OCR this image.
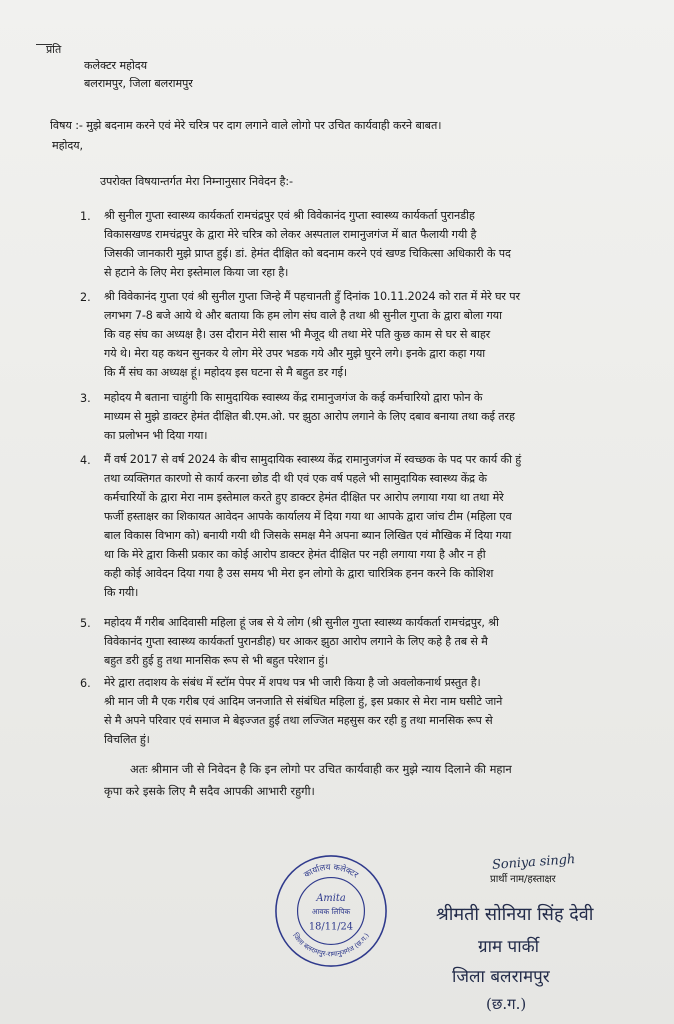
प्रति
कलेक्टर महोदय
बलरामपुर, जिला बलरामपुर
विषय :- मुझे बदनाम करने एवं मेरे चरित्र पर दाग लगाने वाले लोगो पर उचित कार्यवाही करने बाबत।
महोदय,
उपरोक्त विषयान्तर्गत मेरा निम्नानुसार निवेदन है:-
1. श्री सुनील गुप्ता स्वास्थ्य कार्यकर्ता रामचंद्रपुर एवं श्री विवेकानंद गुप्ता स्वास्थ्य कार्यकर्ता पुरानडीह
विकासखण्ड रामचंद्रपुर के द्वारा मेरे चरित्र को लेकर अस्पताल रामानुजगंज में बात फैलायी गयी है
जिसकी जानकारी मुझे प्राप्त हुई। डां. हेमंत दीक्षित को बदनाम करने एवं खण्ड चिकित्सा अधिकारी के पद
से हटाने के लिए मेरा इस्तेमाल किया जा रहा है।
2. श्री विवेकानंद गुप्ता एवं श्री सुनील गुप्ता जिन्हे मैं पहचानती हुँ दिनांक 10.11.2024 को रात में मेरे घर पर
लगभग 7-8 बजे आये थे और बताया कि हम लोग संघ वाले है तथा श्री सुनील गुप्ता के द्वारा बोला गया
कि वह संघ का अध्यक्ष है। उस दौरान मेरी सास भी मैजूद थी तथा मेरे पति कुछ काम से घर से बाहर
गये थे। मेरा यह कथन सुनकर ये लोग मेरे उपर भडक गये और मुझे घुरने लगे। इनके द्वारा कहा गया
कि मैं संघ का अध्यक्ष हूं। महोदय इस घटना से मै बहुत डर गई।
3. महोदय मै बताना चाहुंगी कि सामुदायिक स्वास्थ्य केंद्र रामानुजगंज के कई कर्मचारियो द्वारा फोन के
माध्यम से मुझे डाक्टर हेमंत दीक्षित बी.एम.ओ. पर झुठा आरोप लगाने के लिए दबाव बनाया तथा कई तरह
का प्रलोभन भी दिया गया।
4. मैं वर्ष 2017 से वर्ष 2024 के बीच सामुदायिक स्वास्थ्य केंद्र रामानुजगंज में स्वच्छक के पद पर कार्य की हुं
तथा व्यक्तिगत कारणो से कार्य करना छोड दी थी एवं एक वर्ष पहले भी सामुदायिक स्वास्थ्य केंद्र के
कर्मचारियों के द्वारा मेरा नाम इस्तेमाल करते हुए डाक्टर हेमंत दीक्षित पर आरोप लगाया गया था तथा मेरे
फर्जी हस्ताक्षर का शिकायत आवेदन आपके कार्यालय में दिया गया था आपके द्वारा जांच टीम (महिला एव
बाल विकास विभाग को) बनायी गयी थी जिसके समक्ष मैने अपना ब्यान लिखित एवं मौखिक में दिया गया
था कि मेरे द्वारा किसी प्रकार का कोई आरोप डाक्टर हेमंत दीक्षित पर नही लगाया गया है और न ही
कही कोई आवेदन दिया गया है उस समय भी मेरा इन लोगो के द्वारा चारित्रिक हनन करने कि कोशिश
कि गयी।
5. महोदय मैं गरीब आदिवासी महिला हूं जब से ये लोग (श्री सुनील गुप्ता स्वास्थ्य कार्यकर्ता रामचंद्रपुर, श्री
विवेकानंद गुप्ता स्वास्थ्य कार्यकर्ता पुरानडीह) घर आकर झुठा आरोप लगाने के लिए कहे है तब से मै
बहुत डरी हुई हु तथा मानसिक रूप से भी बहुत परेशान हुं।
6. मेरे द्वारा तदाशय के संबंध में स्टॉम पेपर में शपथ पत्र भी जारी किया है जो अवलोकनार्थ प्रस्तुत है।
श्री मान जी मै एक गरीब एवं आदिम जनजाति से संबंधित महिला हुं, इस प्रकार से मेरा नाम घसीटे जाने
से मै अपने परिवार एवं समाज मे बेइज्जत हुई तथा लज्जित महसुस कर रही हु तथा मानसिक रूप से
विचलित हुं।
अतः श्रीमान जी से निवेदन है कि इन लोगो पर उचित कार्यवाही कर मुझे न्याय दिलाने की महान
कृपा करे इसके लिए मै सदैव आपकी आभारी रहुगी।
कार्यालय कलेक्टर
जिला बलरामपुर-रामानुजगंज (छ.ग.)
Amita
आवक लिपिक
18/11/24
Soniya singh
प्रार्थी नाम/हस्ताक्षर
श्रीमती सोनिया सिंह देवी
ग्राम पार्की
जिला बलरामपुर
(छ.ग.)
